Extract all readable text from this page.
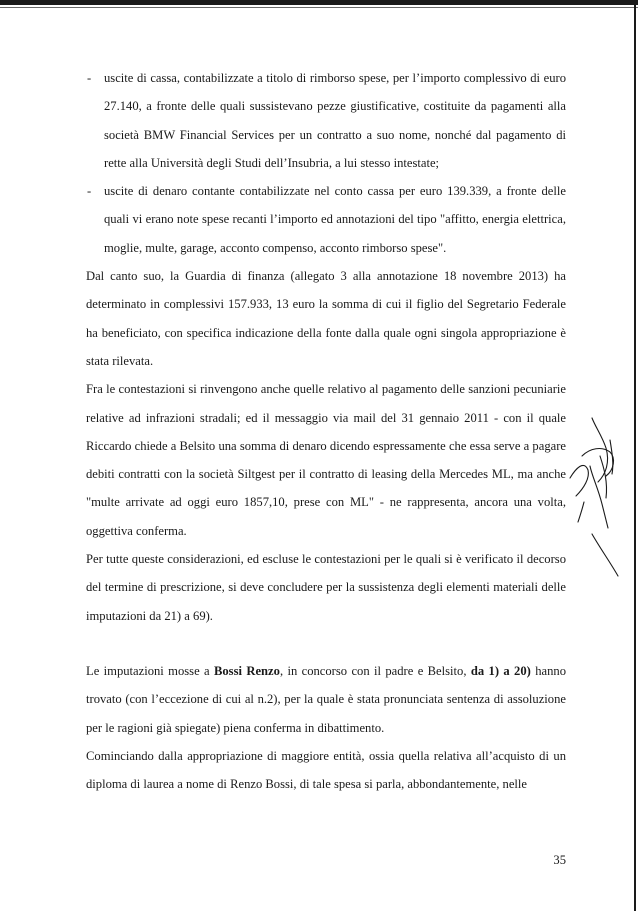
- uscite di cassa, contabilizzate a titolo di rimborso spese, per l’importo complessivo di euro 27.140, a fronte delle quali sussistevano pezze giustificative, costituite da pagamenti alla società BMW Financial Services per un contratto a suo nome, nonché dal pagamento di rette alla Università degli Studi dell’Insubria, a lui stesso intestate;

- uscite di denaro contante contabilizzate nel conto cassa per euro 139.339, a fronte delle quali vi erano note spese recanti l’importo ed annotazioni del tipo "affitto, energia elettrica, moglie, multe, garage, acconto compenso, acconto rimborso spese".

Dal canto suo, la Guardia di finanza (allegato 3 alla annotazione 18 novembre 2013) ha determinato in complessivi 157.933, 13 euro la somma di cui il figlio del Segretario Federale ha beneficiato, con specifica indicazione della fonte dalla quale ogni singola appropriazione è stata rilevata.

Fra le contestazioni si rinvengono anche quelle relativo al pagamento delle sanzioni pecuniarie relative ad infrazioni stradali; ed il messaggio via mail del 31 gennaio 2011 - con il quale Riccardo chiede a Belsito una somma di denaro dicendo espressamente che essa serve a pagare debiti contratti con la società Siltgest per il contratto di leasing della Mercedes ML, ma anche "multe arrivate ad oggi euro 1857,10, prese con ML" - ne rappresenta, ancora una volta, oggettiva conferma.

Per tutte queste considerazioni, ed escluse le contestazioni per le quali si è verificato il decorso del termine di prescrizione, si deve concludere per la sussistenza degli elementi materiali delle imputazioni da 21) a 69).

Le imputazioni mosse a Bossi Renzo, in concorso con il padre e Belsito, da 1) a 20) hanno trovato (con l’eccezione di cui al n.2), per la quale è stata pronunciata sentenza di assoluzione per le ragioni già spiegate) piena conferma in dibattimento.

Cominciando dalla appropriazione di maggiore entità, ossia quella relativa all’acquisto di un diploma di laurea a nome di Renzo Bossi, di tale spesa si parla, abbondantemente, nelle

35
